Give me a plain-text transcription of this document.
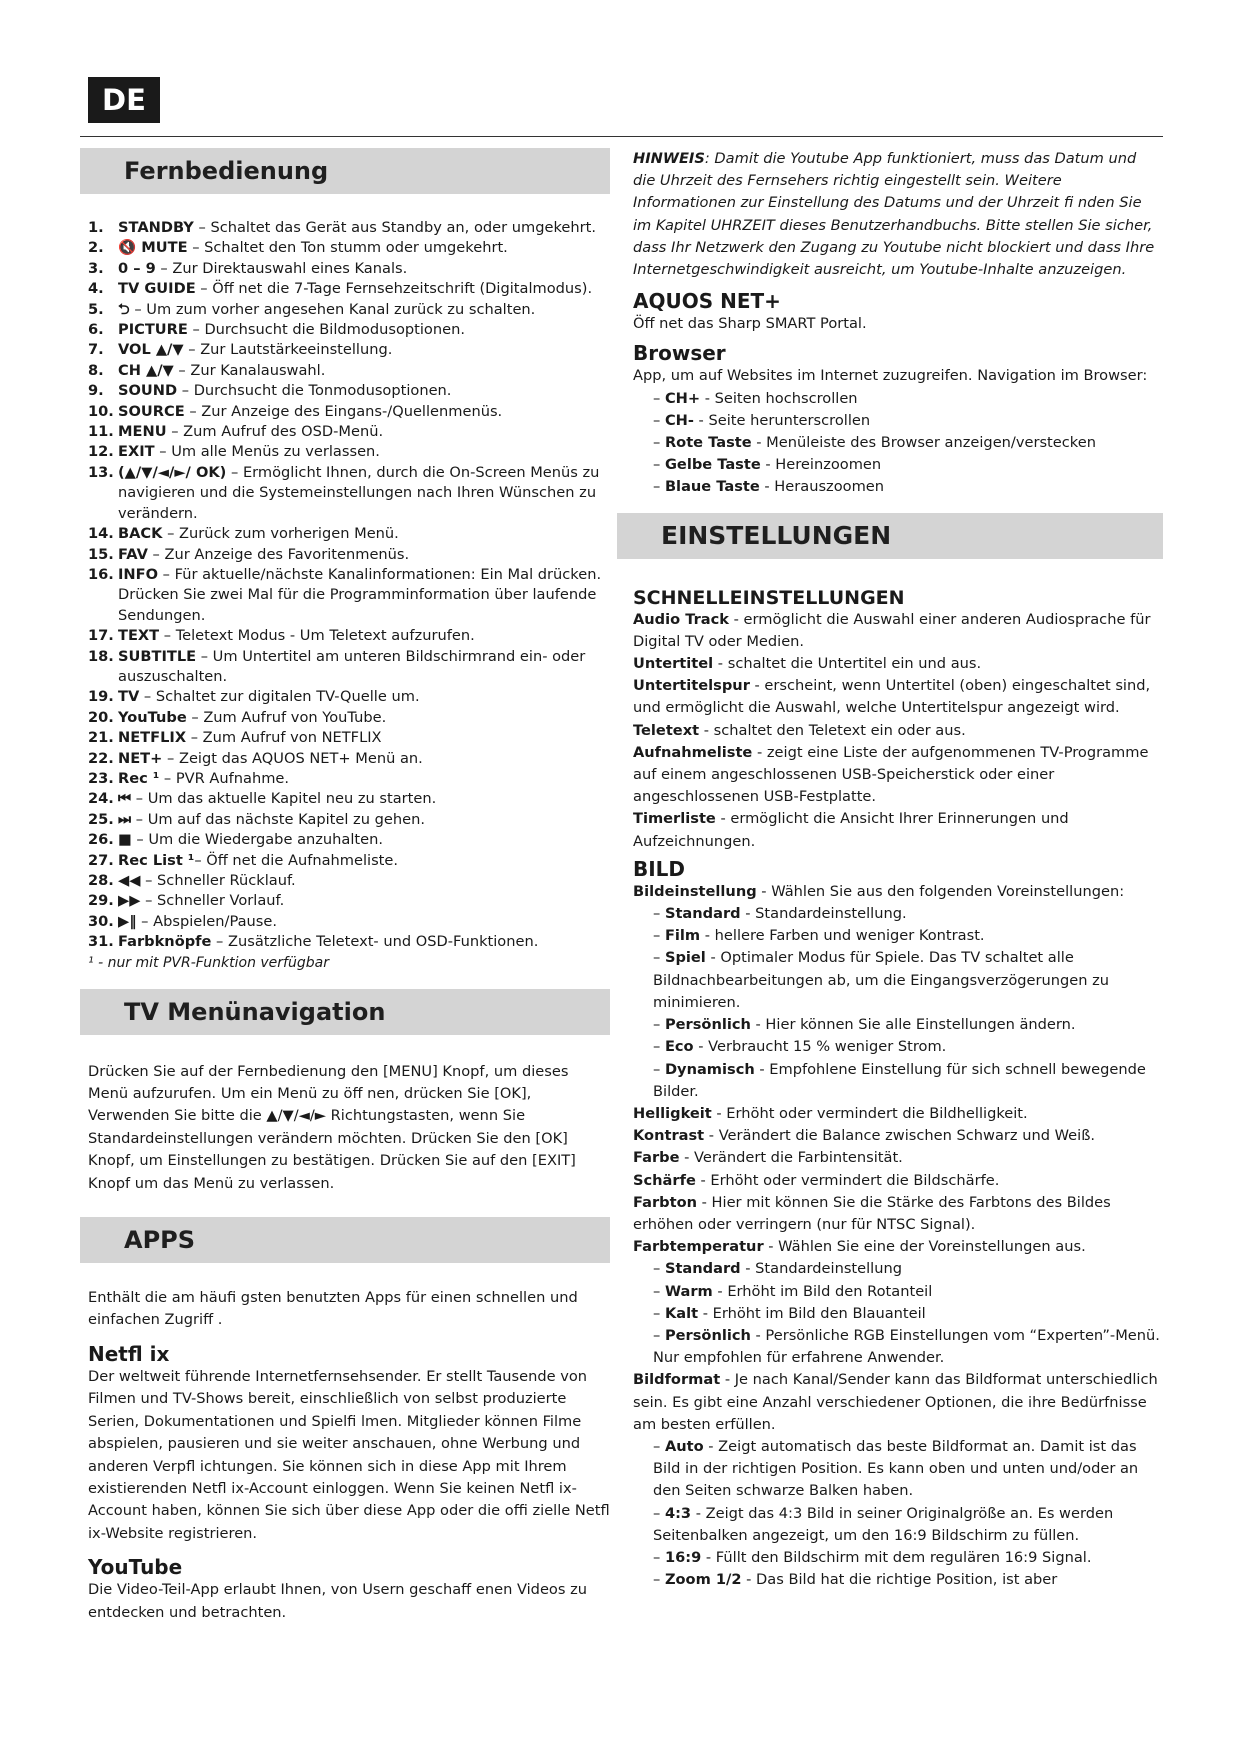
DE
Fernbedienung
1. STANDBY – Schaltet das Gerät aus Standby an, oder umgekehrt.
2. 🔇 MUTE – Schaltet den Ton stumm oder umgekehrt.
3. 0 – 9 – Zur Direktauswahl eines Kanals.
4. TV GUIDE – Öff net die 7-Tage Fernsehzeitschrift (Digitalmodus).
5. ⮌ – Um zum vorher angesehen Kanal zurück zu schalten.
6. PICTURE – Durchsucht die Bildmodusoptionen.
7. VOL ▲/▼ – Zur Lautstärkeeinstellung.
8. CH ▲/▼ – Zur Kanalauswahl.
9. SOUND – Durchsucht die Tonmodusoptionen.
10. SOURCE – Zur Anzeige des Eingans-/Quellenmenüs.
11. MENU – Zum Aufruf des OSD-Menü.
12. EXIT – Um alle Menüs zu verlassen.
13. (▲/▼/◄/►/ OK) – Ermöglicht Ihnen, durch die On-Screen Menüs zu navigieren und die Systemeinstellungen nach Ihren Wünschen zu verändern.
14. BACK – Zurück zum vorherigen Menü.
15. FAV – Zur Anzeige des Favoritenmenüs.
16. INFO – Für aktuelle/nächste Kanalinformationen: Ein Mal drücken. Drücken Sie zwei Mal für die Programminformation über laufende Sendungen.
17. TEXT – Teletext Modus - Um Teletext aufzurufen.
18. SUBTITLE – Um Untertitel am unteren Bildschirmrand ein- oder auszuschalten.
19. TV – Schaltet zur digitalen TV-Quelle um.
20. YouTube – Zum Aufruf von YouTube.
21. NETFLIX – Zum Aufruf von NETFLIX
22. NET+ – Zeigt das AQUOS NET+ Menü an.
23. Rec ¹ – PVR Aufnahme.
24. ⏮ – Um das aktuelle Kapitel neu zu starten.
25. ⏭ – Um auf das nächste Kapitel zu gehen.
26. ■ – Um die Wiedergabe anzuhalten.
27. Rec List ¹– Öff net die Aufnahmeliste.
28. ◀◀ – Schneller Rücklauf.
29. ▶▶ – Schneller Vorlauf.
30. ▶‖ – Abspielen/Pause.
31. Farbknöpfe – Zusätzliche Teletext- und OSD-Funktionen.
¹ - nur mit PVR-Funktion verfügbar
TV Menünavigation

Drücken Sie auf der Fernbedienung den [MENU] Knopf, um dieses Menü aufzurufen. Um ein Menü zu öff nen, drücken Sie [OK], Verwenden Sie bitte die ▲/▼/◄/► Richtungstasten, wenn Sie Standardeinstellungen verändern möchten. Drücken Sie den [OK] Knopf, um Einstellungen zu bestätigen. Drücken Sie auf den [EXIT] Knopf um das Menü zu verlassen.

APPS

Enthält die am häufi gsten benutzten Apps für einen schnellen und einfachen Zugriff .

Netfl ix

Der weltweit führende Internetfernsehsender. Er stellt Tausende von Filmen und TV-Shows bereit, einschließlich von selbst produzierte Serien, Dokumentationen und Spielfi lmen. Mitglieder können Filme abspielen, pausieren und sie weiter anschauen, ohne Werbung und anderen Verpfl ichtungen. Sie können sich in diese App mit Ihrem existierenden Netfl ix-Account einloggen. Wenn Sie keinen Netfl ix-Account haben, können Sie sich über diese App oder die offi zielle Netfl ix-Website registrieren.

YouTube

Die Video-Teil-App erlaubt Ihnen, von Usern geschaff enen Videos zu entdecken und betrachten.

HINWEIS: Damit die Youtube App funktioniert, muss das Datum und die Uhrzeit des Fernsehers richtig eingestellt sein. Weitere Informationen zur Einstellung des Datums und der Uhrzeit fi nden Sie im Kapitel UHRZEIT dieses Benutzerhandbuchs. Bitte stellen Sie sicher, dass Ihr Netzwerk den Zugang zu Youtube nicht blockiert und dass Ihre Internetgeschwindigkeit ausreicht, um Youtube-Inhalte anzuzeigen.

AQUOS NET+

Öff net das Sharp SMART Portal.

Browser

App, um auf Websites im Internet zuzugreifen. Navigation im Browser:

– CH+ - Seiten hochscrollen

– CH- - Seite herunterscrollen

– Rote Taste - Menüleiste des Browser anzeigen/verstecken

– Gelbe Taste - Hereinzoomen

– Blaue Taste - Herauszoomen

EINSTELLUNGEN

SCHNELLEINSTELLUNGEN

Audio Track - ermöglicht die Auswahl einer anderen Audiosprache für Digital TV oder Medien.

Untertitel - schaltet die Untertitel ein und aus.

Untertitelspur - erscheint, wenn Untertitel (oben) eingeschaltet sind, und ermöglicht die Auswahl, welche Untertitelspur angezeigt wird.

Teletext - schaltet den Teletext ein oder aus.

Aufnahmeliste - zeigt eine Liste der aufgenommenen TV-Programme auf einem angeschlossenen USB-Speicherstick oder einer angeschlossenen USB-Festplatte.

Timerliste - ermöglicht die Ansicht Ihrer Erinnerungen und Aufzeichnungen.

BILD

Bildeinstellung - Wählen Sie aus den folgenden Voreinstellungen:

– Standard - Standardeinstellung.

– Film - hellere Farben und weniger Kontrast.

– Spiel - Optimaler Modus für Spiele. Das TV schaltet alle Bildnachbearbeitungen ab, um die Eingangsverzögerungen zu minimieren.

– Persönlich - Hier können Sie alle Einstellungen ändern.

– Eco - Verbraucht 15 % weniger Strom.

– Dynamisch - Empfohlene Einstellung für sich schnell bewegende Bilder.

Helligkeit - Erhöht oder vermindert die Bildhelligkeit.

Kontrast - Verändert die Balance zwischen Schwarz und Weiß.

Farbe - Verändert die Farbintensität.

Schärfe - Erhöht oder vermindert die Bildschärfe.

Farbton - Hier mit können Sie die Stärke des Farbtons des Bildes erhöhen oder verringern (nur für NTSC Signal).

Farbtemperatur - Wählen Sie eine der Voreinstellungen aus.

– Standard - Standardeinstellung

– Warm - Erhöht im Bild den Rotanteil

– Kalt - Erhöht im Bild den Blauanteil

– Persönlich - Persönliche RGB Einstellungen vom “Experten”-Menü. Nur empfohlen für erfahrene Anwender.

Bildformat - Je nach Kanal/Sender kann das Bildformat unterschiedlich sein. Es gibt eine Anzahl verschiedener Optionen, die ihre Bedürfnisse am besten erfüllen.

– Auto - Zeigt automatisch das beste Bildformat an. Damit ist das Bild in der richtigen Position. Es kann oben und unten und/oder an den Seiten schwarze Balken haben.

– 4:3 - Zeigt das 4:3 Bild in seiner Originalgröße an. Es werden Seitenbalken angezeigt, um den 16:9 Bildschirm zu füllen.

– 16:9 - Füllt den Bildschirm mit dem regulären 16:9 Signal.

– Zoom 1/2 - Das Bild hat die richtige Position, ist aber
